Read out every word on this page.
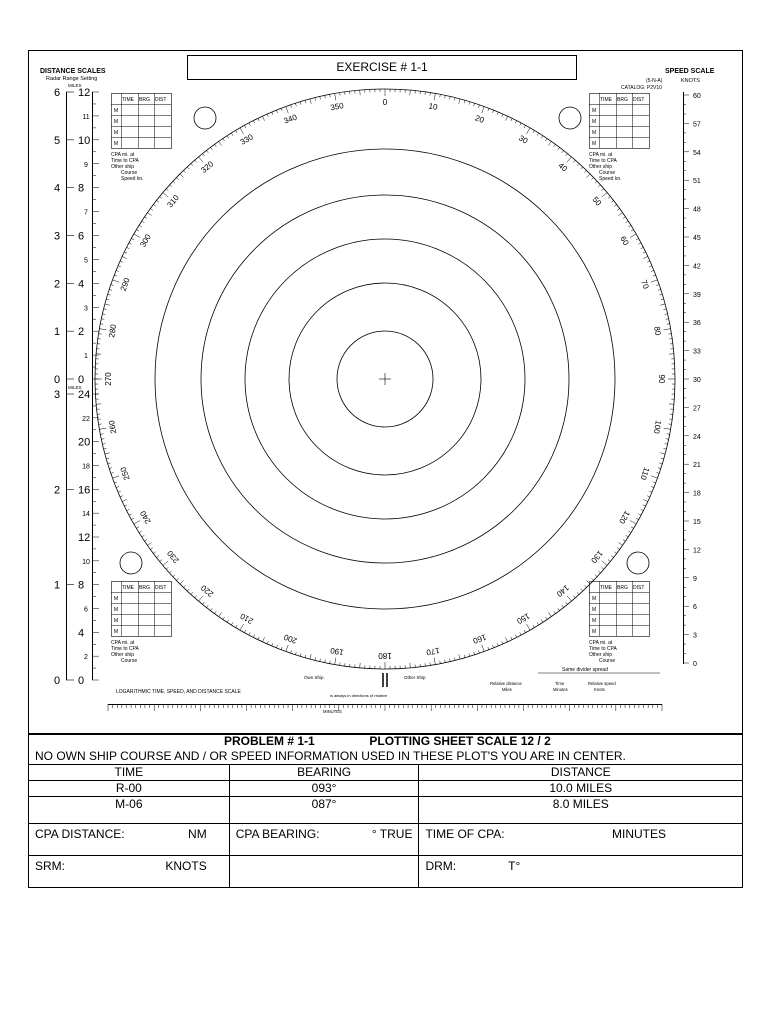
EXERCISE # 1-1
DISTANCE SCALES
Radar Range Setting
MILES
MILES
SPEED SCALE
(5-N-A)
CATALOG: P2V10
KNOTS
6
5
4
3
2
1
0
12
10
8
6
4
2
0
11
9
7
5
3
1
3
2
1
0
24
20
16
12
8
4
0
22
18
14
10
6
2
60
57
54
51
48
45
42
39
36
33
30
27
24
21
18
15
12
9
6
3
0
0	10
20
30
40
50
60
70
80
90
100
110
120
130
140
150
160
170
180
190
200
210
220
230
240
250
260
270
280
290
300
310
320
330
340
350
TIME BRG DIST
M
M
M
M
CPA mi. at
Time to CPA
Other ship
Course
Speed kn.
TIME BRG DIST
M
M
M
M
CPA mi. at
Time to CPA
Other ship
Course
Speed kn.
TIME BRG DIST
M
M
M
M
CPA mi. at
Time to CPA
Other ship
Course
TIME BRG DIST
M
M
M
M
CPA mi. at
Time to CPA
Other ship
Course
LOGARITHMIC TIME, SPEED, AND DISTANCE SCALE
Own Ship	Other Ship
is always in directions of relative
Same divider spread
Relative distance
Miles
Time
Minutes
Relative speed
Knots
MINUTES
PROBLEM # 1-1 PLOTTING SHEET SCALE 12 / 2		
NO OWN SHIP COURSE AND / OR SPEED INFORMATION USED IN THESE PLOT'S YOU ARE IN CENTER.		
TIME	BEARING	DISTANCE
R-00	093°	10.0 MILES
M-06	087°	8.0 MILES

CPA DISTANCE: NM	CPA BEARING: ° TRUE	TIME OF CPA: MINUTES

SRM: KNOTS		DRM: T°
